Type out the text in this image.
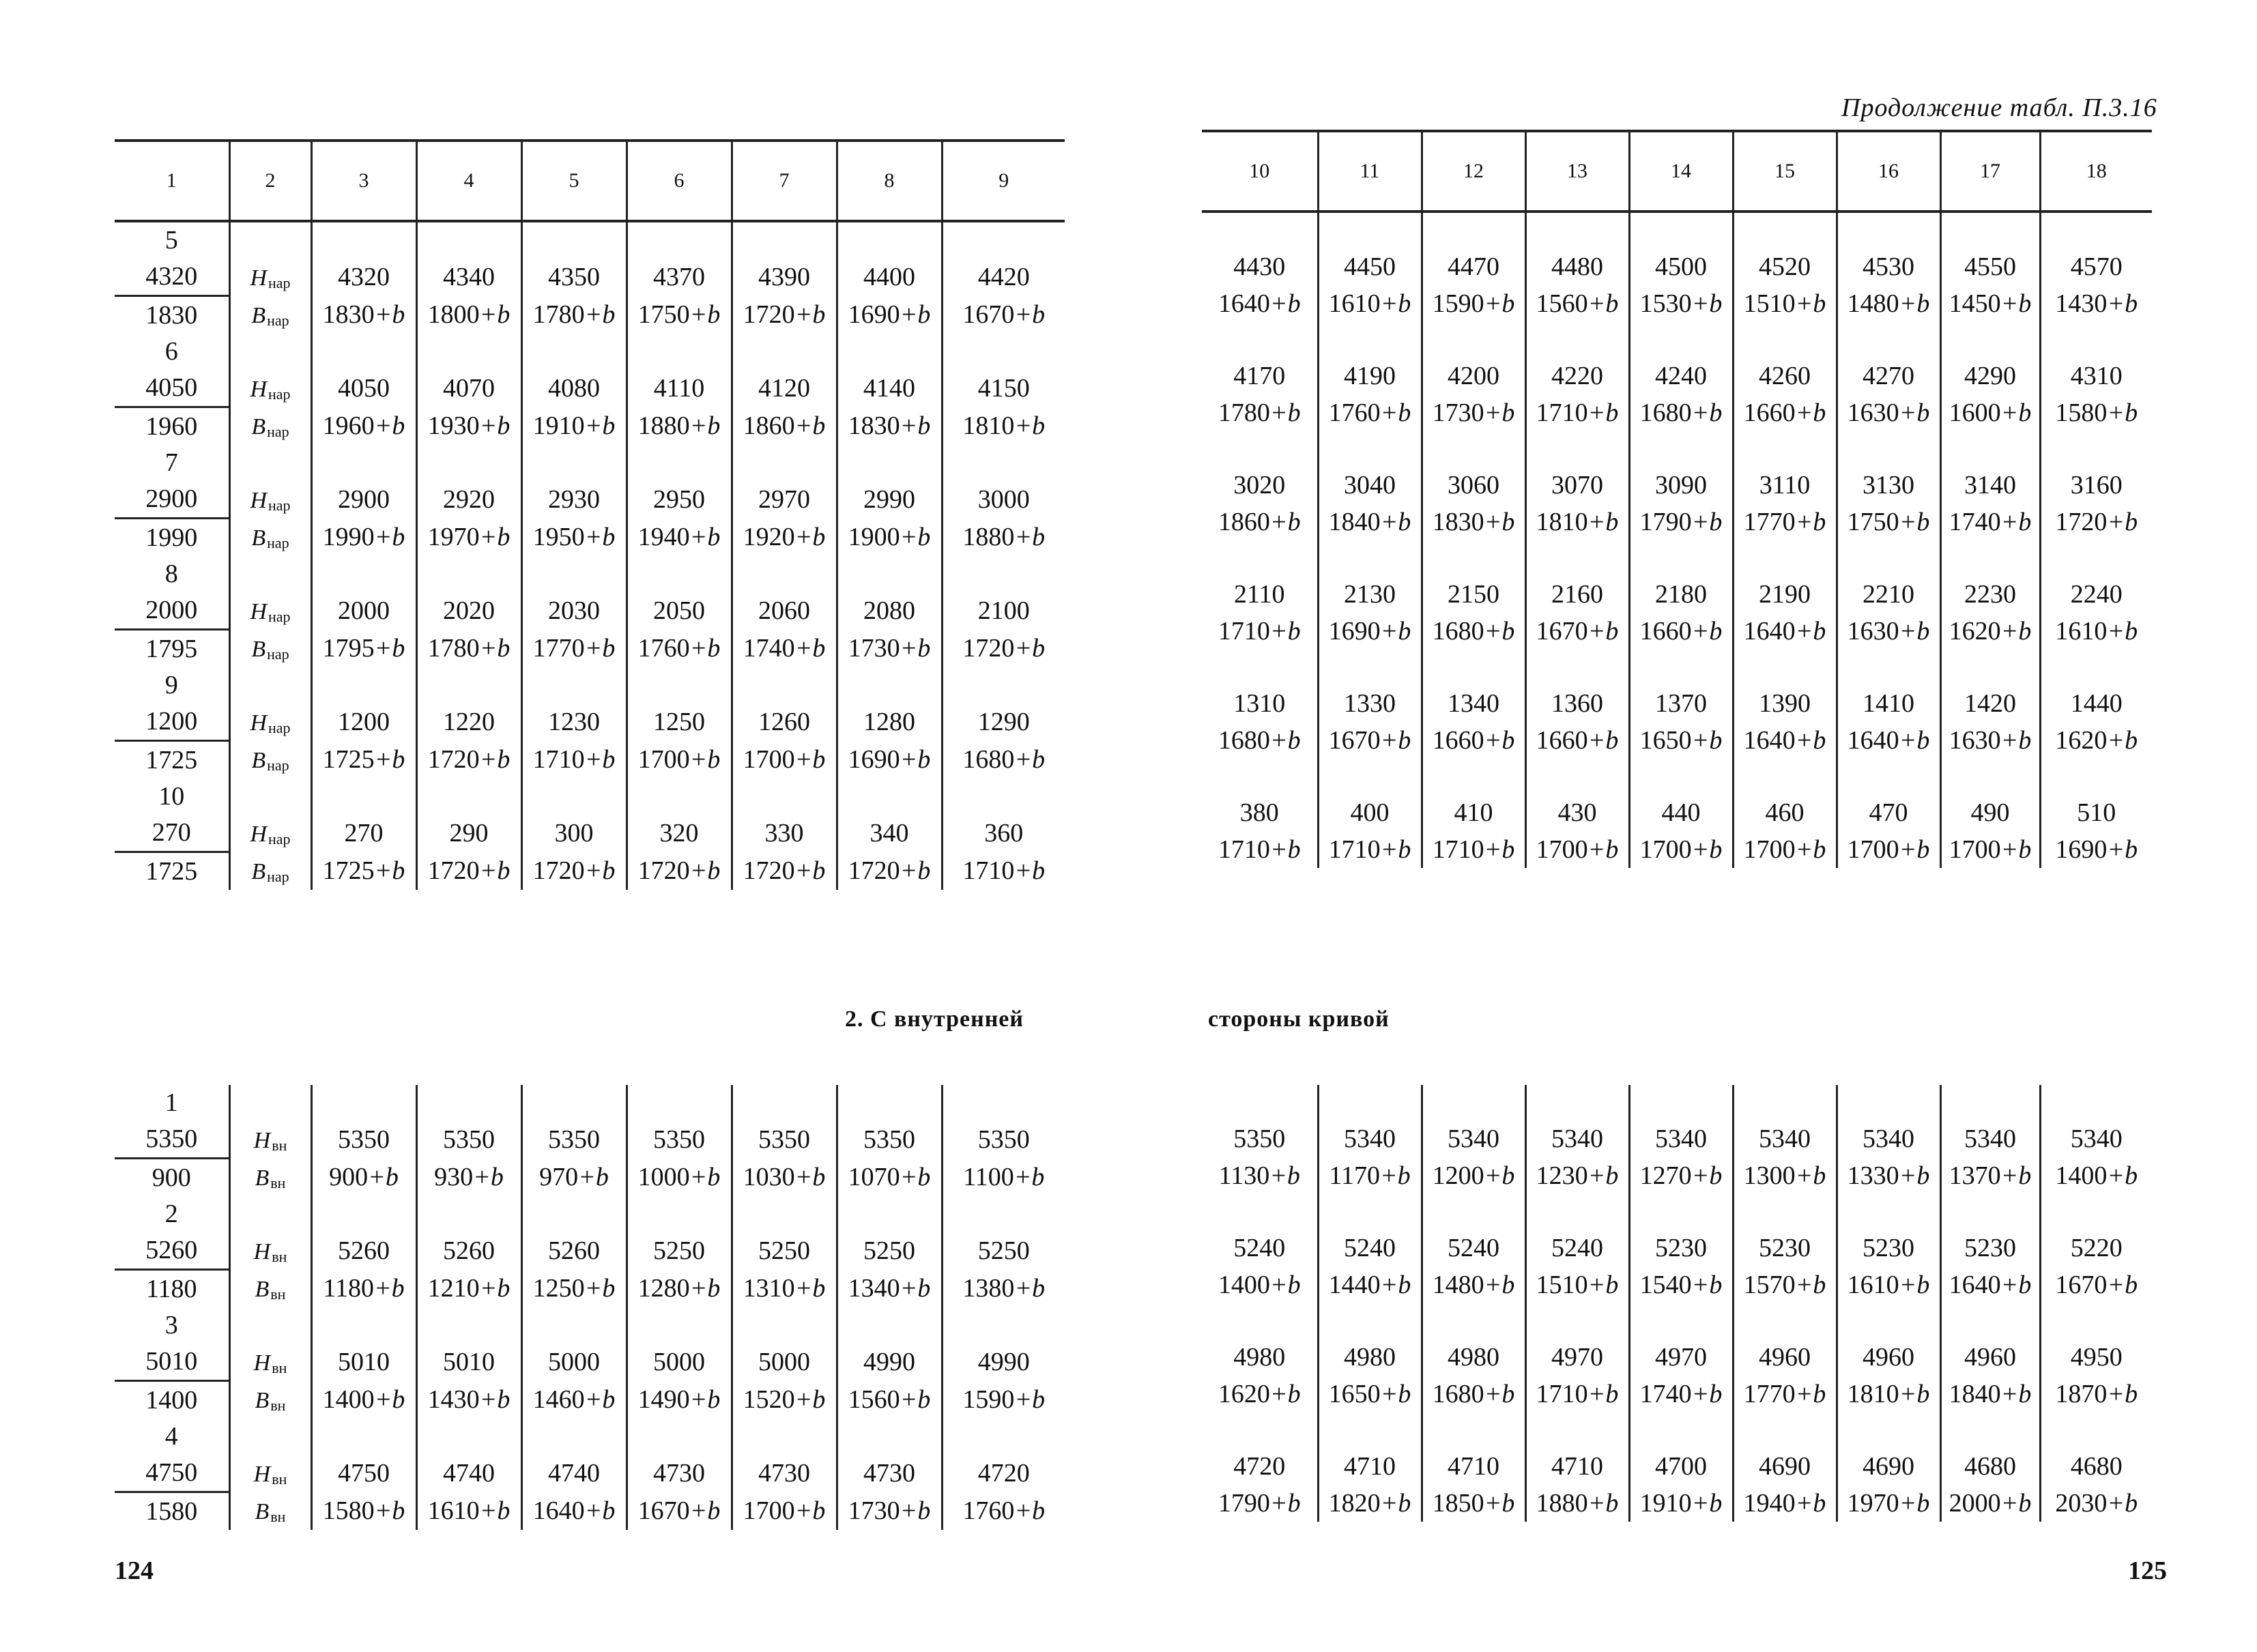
1	2	3	4	5	6	7	8	9
5								
4320	$H_{нар}$	4320	4340	4350	4370	4390	4400	4420
1830	$B_{нар}$	1830+b	1800+b	1780+b	1750+b	1720+b	1690+b	1670+b
6								
4050	$H_{нар}$	4050	4070	4080	4110	4120	4140	4150
1960	$B_{нар}$	1960+b	1930+b	1910+b	1880+b	1860+b	1830+b	1810+b
7								
2900	$H_{нар}$	2900	2920	2930	2950	2970	2990	3000
1990	$B_{нар}$	1990+b	1970+b	1950+b	1940+b	1920+b	1900+b	1880+b
8								
2000	$H_{нар}$	2000	2020	2030	2050	2060	2080	2100
1795	$B_{нар}$	1795+b	1780+b	1770+b	1760+b	1740+b	1730+b	1720+b
9								
1200	$H_{нар}$	1200	1220	1230	1250	1260	1280	1290
1725	$B_{нар}$	1725+b	1720+b	1710+b	1700+b	1700+b	1690+b	1680+b
10								
270	$H_{нар}$	270	290	300	320	330	340	360
1725	$B_{нар}$	1725+b	1720+b	1720+b	1720+b	1720+b	1720+b	1710+b
2. С внутренней
1								
5350	$H_{вн}$	5350	5350	5350	5350	5350	5350	5350
900	$B_{вн}$	900+b	930+b	970+b	1000+b	1030+b	1070+b	1100+b
2								
5260	$H_{вн}$	5260	5260	5260	5250	5250	5250	5250
1180	$B_{вн}$	1180+b	1210+b	1250+b	1280+b	1310+b	1340+b	1380+b
3								
5010	$H_{вн}$	5010	5010	5000	5000	5000	4990	4990
1400	$B_{вн}$	1400+b	1430+b	1460+b	1490+b	1520+b	1560+b	1590+b
4								
4750	$H_{вн}$	4750	4740	4740	4730	4730	4730	4720
1580	$B_{вн}$	1580+b	1610+b	1640+b	1670+b	1700+b	1730+b	1760+b
124
Продолжение табл. П.3.16
10	11	12	13	14	15	16	17	18

4430	4450	4470	4480	4500	4520	4530	4550	4570
1640+b	1610+b	1590+b	1560+b	1530+b	1510+b	1480+b	1450+b	1430+b

4170	4190	4200	4220	4240	4260	4270	4290	4310
1780+b	1760+b	1730+b	1710+b	1680+b	1660+b	1630+b	1600+b	1580+b

3020	3040	3060	3070	3090	3110	3130	3140	3160
1860+b	1840+b	1830+b	1810+b	1790+b	1770+b	1750+b	1740+b	1720+b

2110	2130	2150	2160	2180	2190	2210	2230	2240
1710+b	1690+b	1680+b	1670+b	1660+b	1640+b	1630+b	1620+b	1610+b

1310	1330	1340	1360	1370	1390	1410	1420	1440
1680+b	1670+b	1660+b	1660+b	1650+b	1640+b	1640+b	1630+b	1620+b

380	400	410	430	440	460	470	490	510
1710+b	1710+b	1710+b	1700+b	1700+b	1700+b	1700+b	1700+b	1690+b
стороны кривой

5350	5340	5340	5340	5340	5340	5340	5340	5340
1130+b	1170+b	1200+b	1230+b	1270+b	1300+b	1330+b	1370+b	1400+b

5240	5240	5240	5240	5230	5230	5230	5230	5220
1400+b	1440+b	1480+b	1510+b	1540+b	1570+b	1610+b	1640+b	1670+b

4980	4980	4980	4970	4970	4960	4960	4960	4950
1620+b	1650+b	1680+b	1710+b	1740+b	1770+b	1810+b	1840+b	1870+b

4720	4710	4710	4710	4700	4690	4690	4680	4680
1790+b	1820+b	1850+b	1880+b	1910+b	1940+b	1970+b	2000+b	2030+b
125
